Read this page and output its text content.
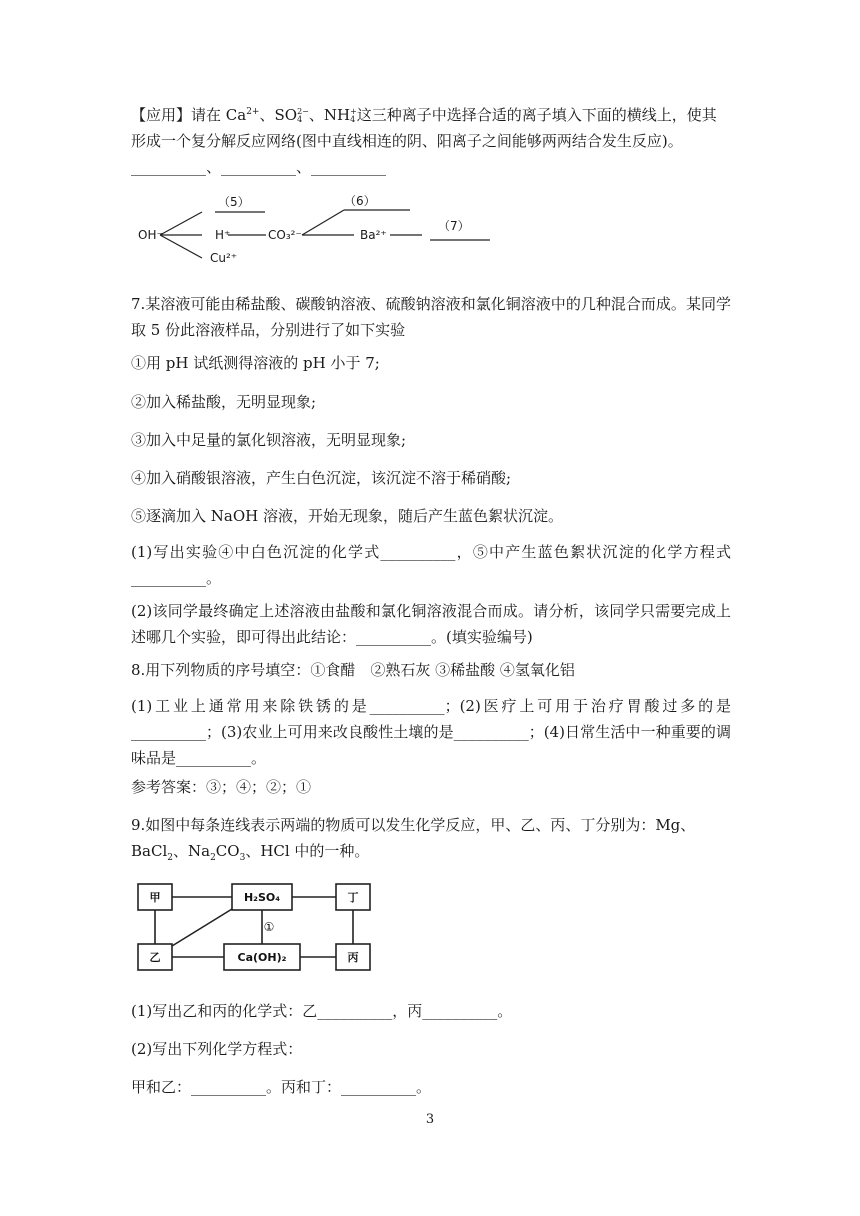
【应用】请在 $Ca^{2+}$、SO 2−
4 、NH +
4 这三种离子中选择合适的离子填入下面的横线上，使其形成一个复分解反应网络(图中直线相连的阴、阳离子之间能够两两结合发生反应)。__________、__________、__________

OH⁻	H⁺	CO₃²⁻	Ba²⁺
Cu²⁺
（5）	（6）
（7）

7.某溶液可能由稀盐酸、碳酸钠溶液、硫酸钠溶液和氯化铜溶液中的几种混合而成。某同学取 5 份此溶液样品，分别进行了如下实验

①用 pH 试纸测得溶液的 pH 小于 7;

②加入稀盐酸，无明显现象;

③加入中足量的氯化钡溶液，无明显现象;

④加入硝酸银溶液，产生白色沉淀，该沉淀不溶于稀硝酸;

⑤逐滴加入 NaOH 溶液，开始无现象，随后产生蓝色絮状沉淀。

(1)写出实验④中白色沉淀的化学式__________，⑤中产生蓝色絮状沉淀的化学方程式__________。

(2)该同学最终确定上述溶液由盐酸和氯化铜溶液混合而成。请分析，该同学只需要完成上述哪几个实验，即可得出此结论：__________。(填实验编号)

8.用下列物质的序号填空：①食醋　②熟石灰 ③稀盐酸 ④氢氧化铝

(1)工业上通常用来除铁锈的是__________；(2)医疗上可用于治疗胃酸过多的是__________；(3)农业上可用来改良酸性土壤的是__________；(4)日常生活中一种重要的调味品是__________。

参考答案：③；④；②；①

9.如图中每条连线表示两端的物质可以发生化学反应，甲、乙、丙、丁分别为：Mg、BaCl$_2$、$Na_2CO_3$、HCl 中的一种。

甲	H₂SO₄	丁
乙	Ca(OH)₂	丙
①

(1)写出乙和丙的化学式：乙__________，丙__________。

(2)写出下列化学方程式：

甲和乙：__________。丙和丁：__________。

3
